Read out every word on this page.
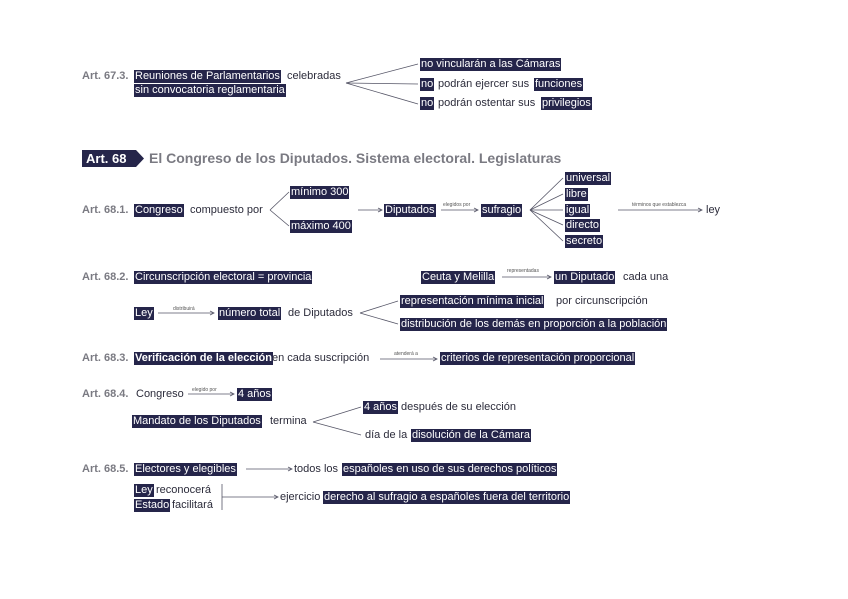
Art. 67.3. Reuniones de Parlamentarios celebradas
sin convocatoria reglamentaria
no vincularán a las Cámaras
no podrán ejercer sus funciones
no podrán ostentar sus privilegios
Art. 68 El Congreso de los Diputados. Sistema electoral. Legislaturas
Art. 68.1. Congreso compuesto por
mínimo 300
máximo 400
Diputados elegidos por sufragio
universal
libre
igual
directo
secreto
términos que establezca ley
Art. 68.2. Circunscripción electoral = provincia	Ceuta y Melilla	representadas un Diputado cada una
Ley	distribuirá número total de Diputados
representación mínima inicial por circunscripción
distribución de los demás en proporción a la población
Art. 68.3. Verificación de la elección en cada suscripción	atenderá a criterios de representación proporcional
Art. 68.4. Congreso elegido por 4 años
Mandato de los Diputados termina
4 años después de su elección
día de la disolución de la Cámara
Art. 68.5. Electores y elegibles	todos los españoles en uso de sus derechos políticos
Ley reconocerá
Estado facilitará
ejercicio derecho al sufragio a españoles fuera del territorio
